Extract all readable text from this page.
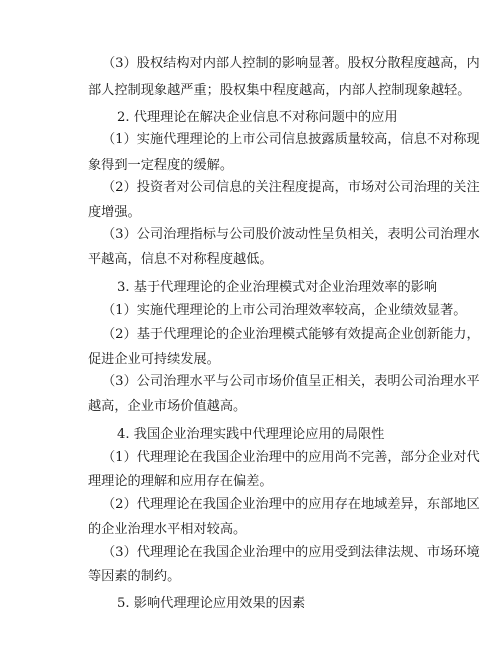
（3）股权结构对内部人控制的影响显著。股权分散程度越高，内
部人控制现象越严重；股权集中程度越高，内部人控制现象越轻。
2. 代理理论在解决企业信息不对称问题中的应用
（1）实施代理理论的上市公司信息披露质量较高，信息不对称现
象得到一定程度的缓解。
（2）投资者对公司信息的关注程度提高，市场对公司治理的关注
度增强。
（3）公司治理指标与公司股价波动性呈负相关，表明公司治理水
平越高，信息不对称程度越低。
3. 基于代理理论的企业治理模式对企业治理效率的影响
（1）实施代理理论的上市公司治理效率较高，企业绩效显著。
（2）基于代理理论的企业治理模式能够有效提高企业创新能力，
促进企业可持续发展。
（3）公司治理水平与公司市场价值呈正相关，表明公司治理水平
越高，企业市场价值越高。
4. 我国企业治理实践中代理理论应用的局限性
（1）代理理论在我国企业治理中的应用尚不完善，部分企业对代
理理论的理解和应用存在偏差。
（2）代理理论在我国企业治理中的应用存在地域差异，东部地区
的企业治理水平相对较高。
（3）代理理论在我国企业治理中的应用受到法律法规、市场环境
等因素的制约。
5. 影响代理理论应用效果的因素
